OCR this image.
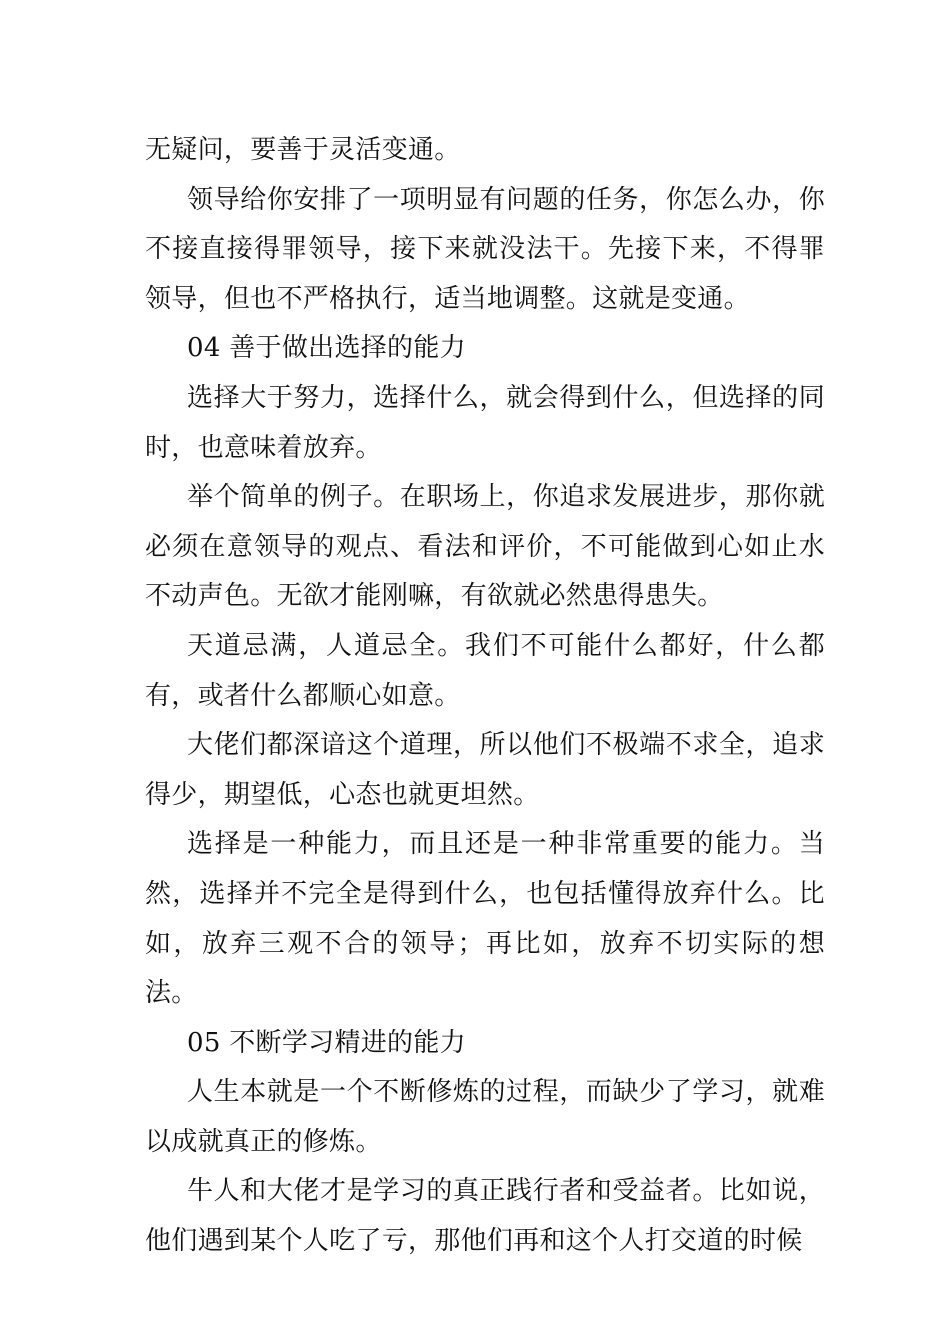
无疑问，要善于灵活变通。

领导给你安排了一项明显有问题的任务，你怎么办，你不接直接得罪领导，接下来就没法干。先接下来，不得罪领导，但也不严格执行，适当地调整。这就是变通。

04 善于做出选择的能力

选择大于努力，选择什么，就会得到什么，但选择的同时，也意味着放弃。

举个简单的例子。在职场上，你追求发展进步，那你就必须在意领导的观点、看法和评价，不可能做到心如止水不动声色。无欲才能刚嘛，有欲就必然患得患失。

天道忌满，人道忌全。我们不可能什么都好，什么都有，或者什么都顺心如意。

大佬们都深谙这个道理，所以他们不极端不求全，追求得少，期望低，心态也就更坦然。

选择是一种能力，而且还是一种非常重要的能力。当然，选择并不完全是得到什么，也包括懂得放弃什么。比如，放弃三观不合的领导；再比如，放弃不切实际的想法。

05 不断学习精进的能力

人生本就是一个不断修炼的过程，而缺少了学习，就难以成就真正的修炼。

牛人和大佬才是学习的真正践行者和受益者。比如说，他们遇到某个人吃了亏，那他们再和这个人打交道的时候
